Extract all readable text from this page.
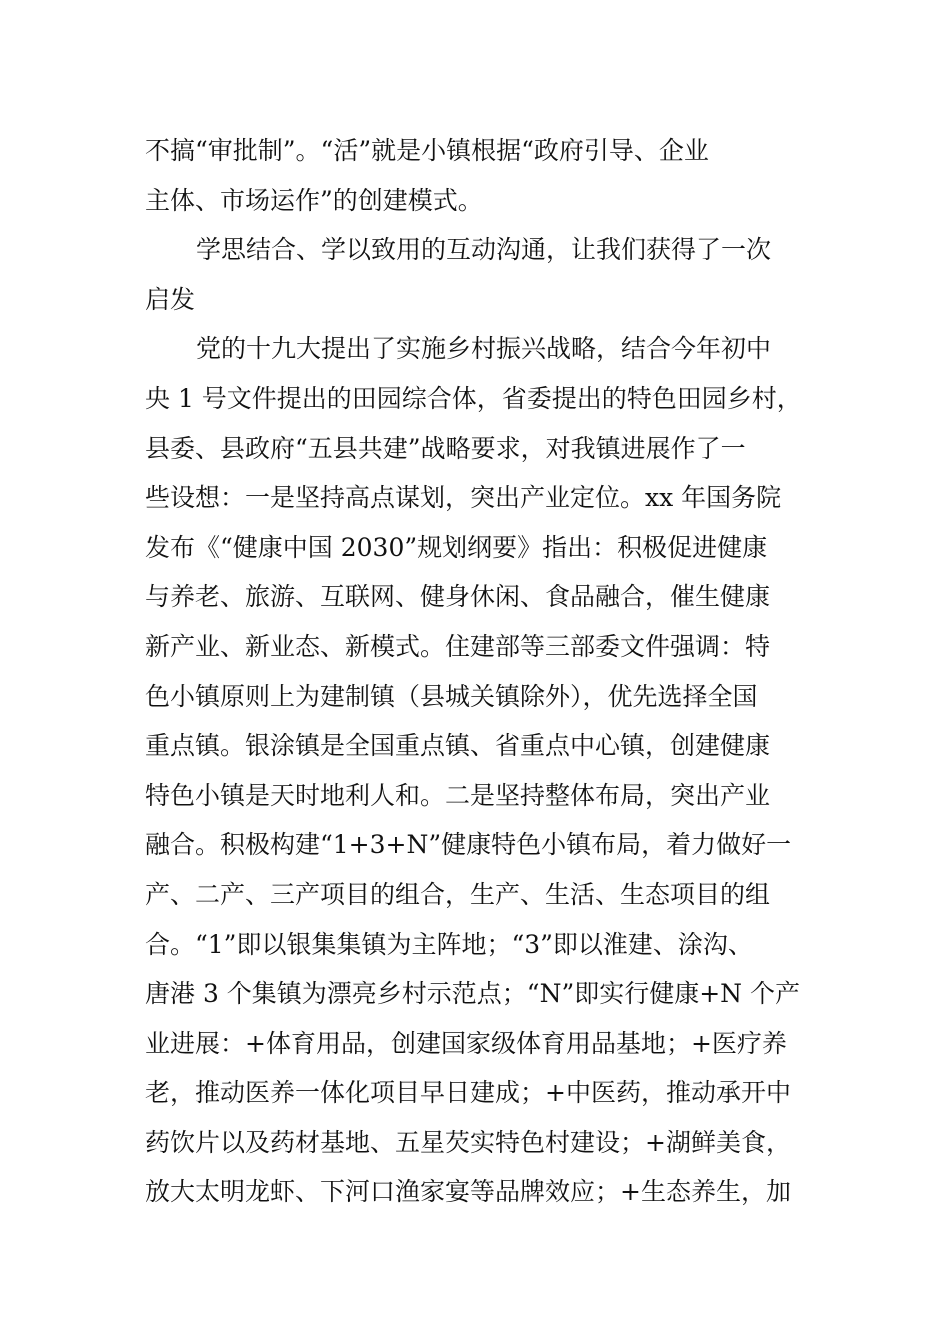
不搞“审批制”。“活”就是小镇根据“政府引导、企业
主体、市场运作”的创建模式。
学思结合、学以致用的互动沟通，让我们获得了一次
启发
党的十九大提出了实施乡村振兴战略，结合今年初中
央 1 号文件提出的田园综合体，省委提出的特色田园乡村，
县委、县政府“五县共建”战略要求，对我镇进展作了一
些设想：一是坚持高点谋划，突出产业定位。xx 年国务院
发布《“健康中国 2030”规划纲要》指出：积极促进健康
与养老、旅游、互联网、健身休闲、食品融合，催生健康
新产业、新业态、新模式。住建部等三部委文件强调：特
色小镇原则上为建制镇（县城关镇除外），优先选择全国
重点镇。银涂镇是全国重点镇、省重点中心镇，创建健康
特色小镇是天时地利人和。二是坚持整体布局，突出产业
融合。积极构建“1+3+N”健康特色小镇布局，着力做好一
产、二产、三产项目的组合，生产、生活、生态项目的组
合。“1”即以银集集镇为主阵地；“3”即以淮建、涂沟、
唐港 3 个集镇为漂亮乡村示范点；“N”即实行健康+N 个产
业进展：+体育用品，创建国家级体育用品基地；+医疗养
老，推动医养一体化项目早日建成；+中医药，推动承开中
药饮片以及药材基地、五星芡实特色村建设；+湖鲜美食，
放大太明龙虾、下河口渔家宴等品牌效应；+生态养生，加
